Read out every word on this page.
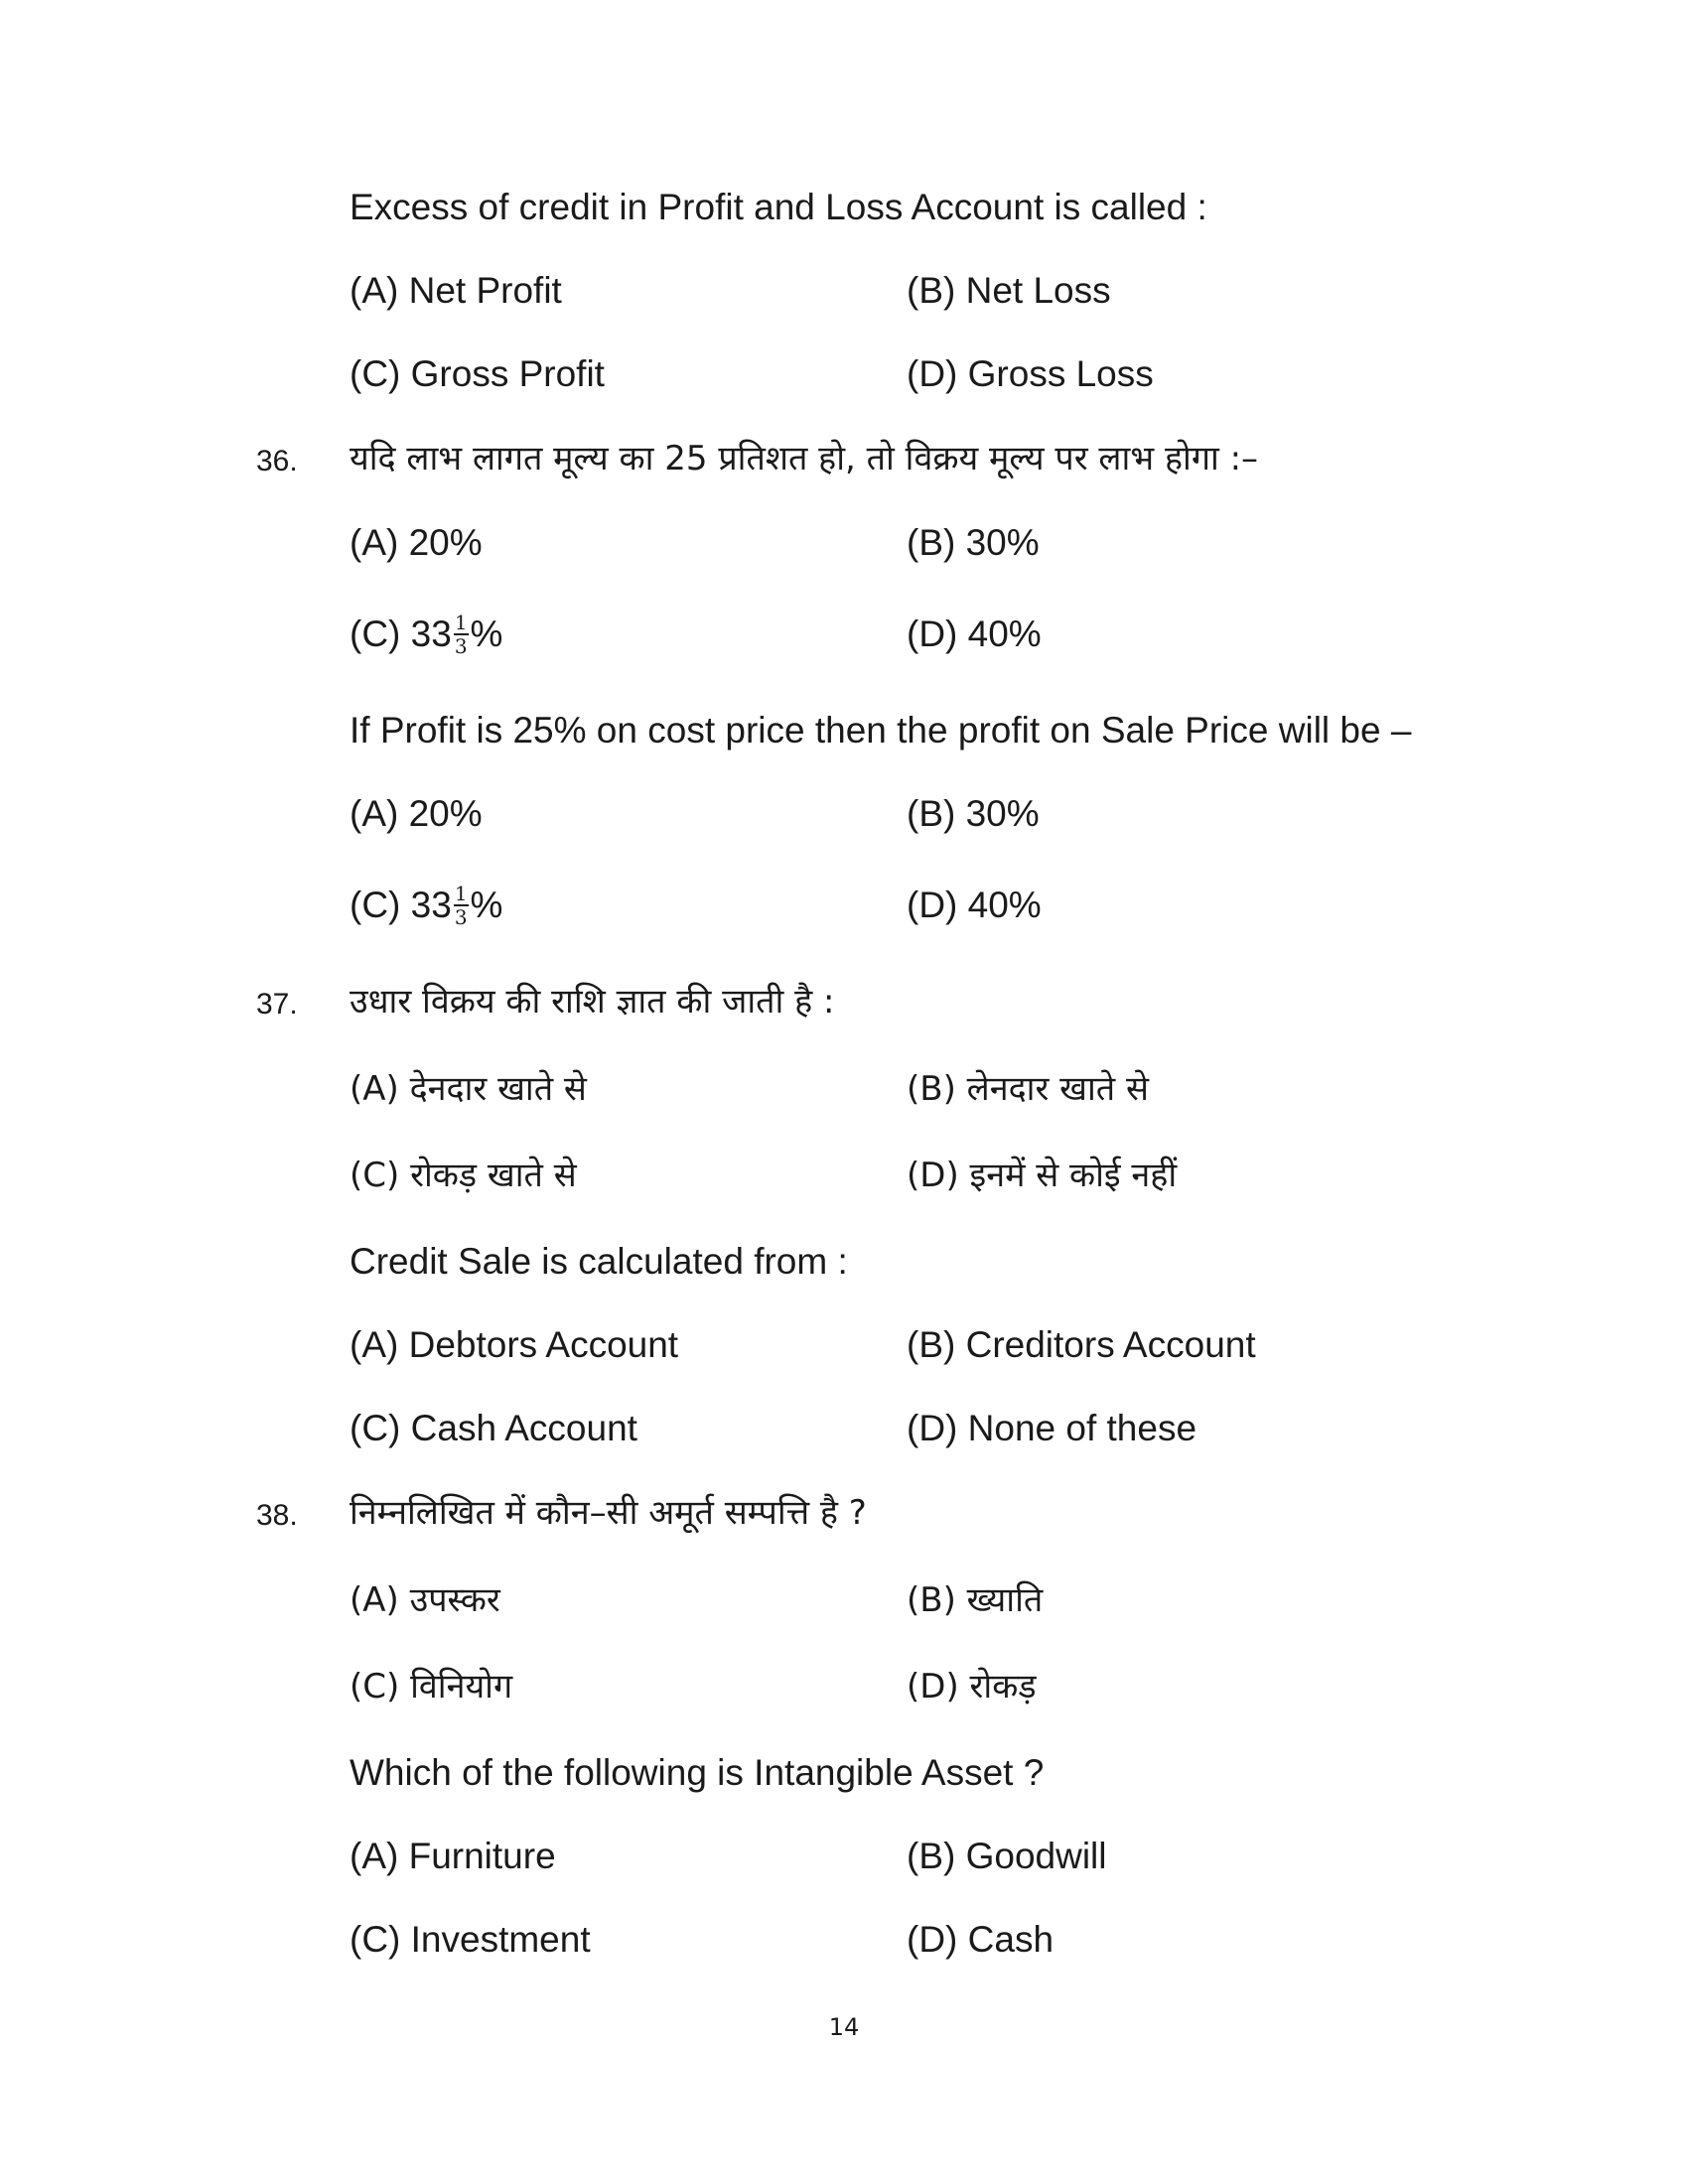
Excess of credit in Profit and Loss Account is called :
(A) Net Profit	(B) Net Loss
(C) Gross Profit	(D) Gross Loss
36. यदि लाभ लागत मूल्य का 25 प्रतिशत हो, तो विक्रय मूल्य पर लाभ होगा :–
(A) 20%	(B) 30%
(C) $33 \frac{1}{3}$ %	(D) 40%
If Profit is 25% on cost price then the profit on Sale Price will be –
(A) 20%	(B) 30%
(C) $33 \frac{1}{3}$ %	(D) 40%
37. उधार विक्रय की राशि ज्ञात की जाती है :
(A) देनदार खाते से	(B) लेनदार खाते से
(C) रोकड़ खाते से	(D) इनमें से कोई नहीं
Credit Sale is calculated from :
(A) Debtors Account	(B) Creditors Account
(C) Cash Account	(D) None of these
38. निम्नलिखित में कौन–सी अमूर्त सम्पत्ति है ?
(A) उपस्कर	(B) ख्याति
(C) विनियोग	(D) रोकड़
Which of the following is Intangible Asset ?
(A) Furniture	(B) Goodwill
(C) Investment	(D) Cash
14
